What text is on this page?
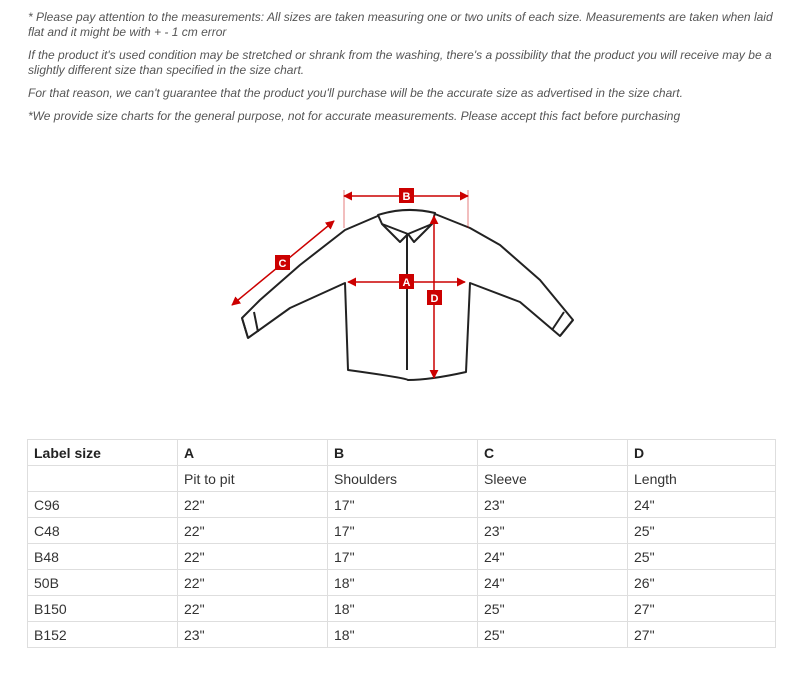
* Please pay attention to the measurements: All sizes are taken measuring one or two units of each size. Measurements are taken when laid flat and it might be with + - 1 cm error

If the product it's used condition may be stretched or shrank from the washing, there's a possibility that the product you will receive may be a slightly different size than specified in the size chart.

For that reason, we can't guarantee that the product you'll purchase will be the accurate size as advertised in the size chart.

*We provide size charts for the general purpose, not for accurate measurements. Please accept this fact before purchasing

B
A
C
D
Label size	A	B	C	D
	Pit to pit	Shoulders	Sleeve	Length
C96	22"	17"	23"	24"
C48	22"	17"	23"	25"
B48	22"	17"	24"	25"
50B	22"	18"	24"	26"
B150	22"	18"	25"	27"
B152	23"	18"	25"	27"
